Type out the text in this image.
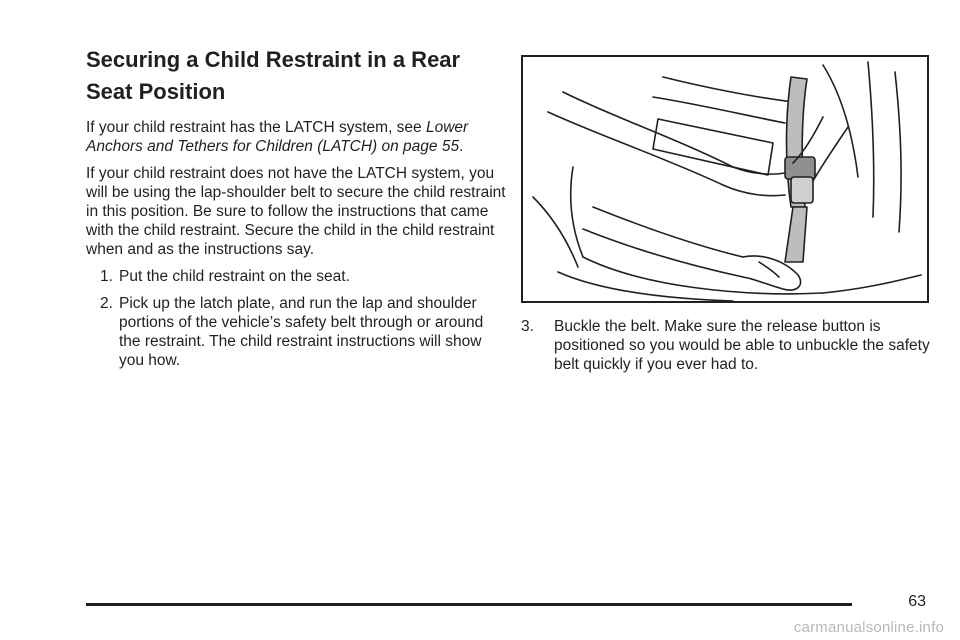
Securing a Child Restraint in a Rear Seat Position

If your child restraint has the LATCH system, see Lower Anchors and Tethers for Children (LATCH) on page 55.

If your child restraint does not have the LATCH system, you will be using the lap-shoulder belt to secure the child restraint in this position. Be sure to follow the instructions that came with the child restraint. Secure the child in the child restraint when and as the instructions say.

1. Put the child restraint on the seat.
2. Pick up the latch plate, and run the lap and shoulder portions of the vehicle’s safety belt through or around the restraint. The child restraint instructions will show you how.
3. Buckle the belt. Make sure the release button is positioned so you would be able to unbuckle the safety belt quickly if you ever had to.
63
carmanualsonline.info
